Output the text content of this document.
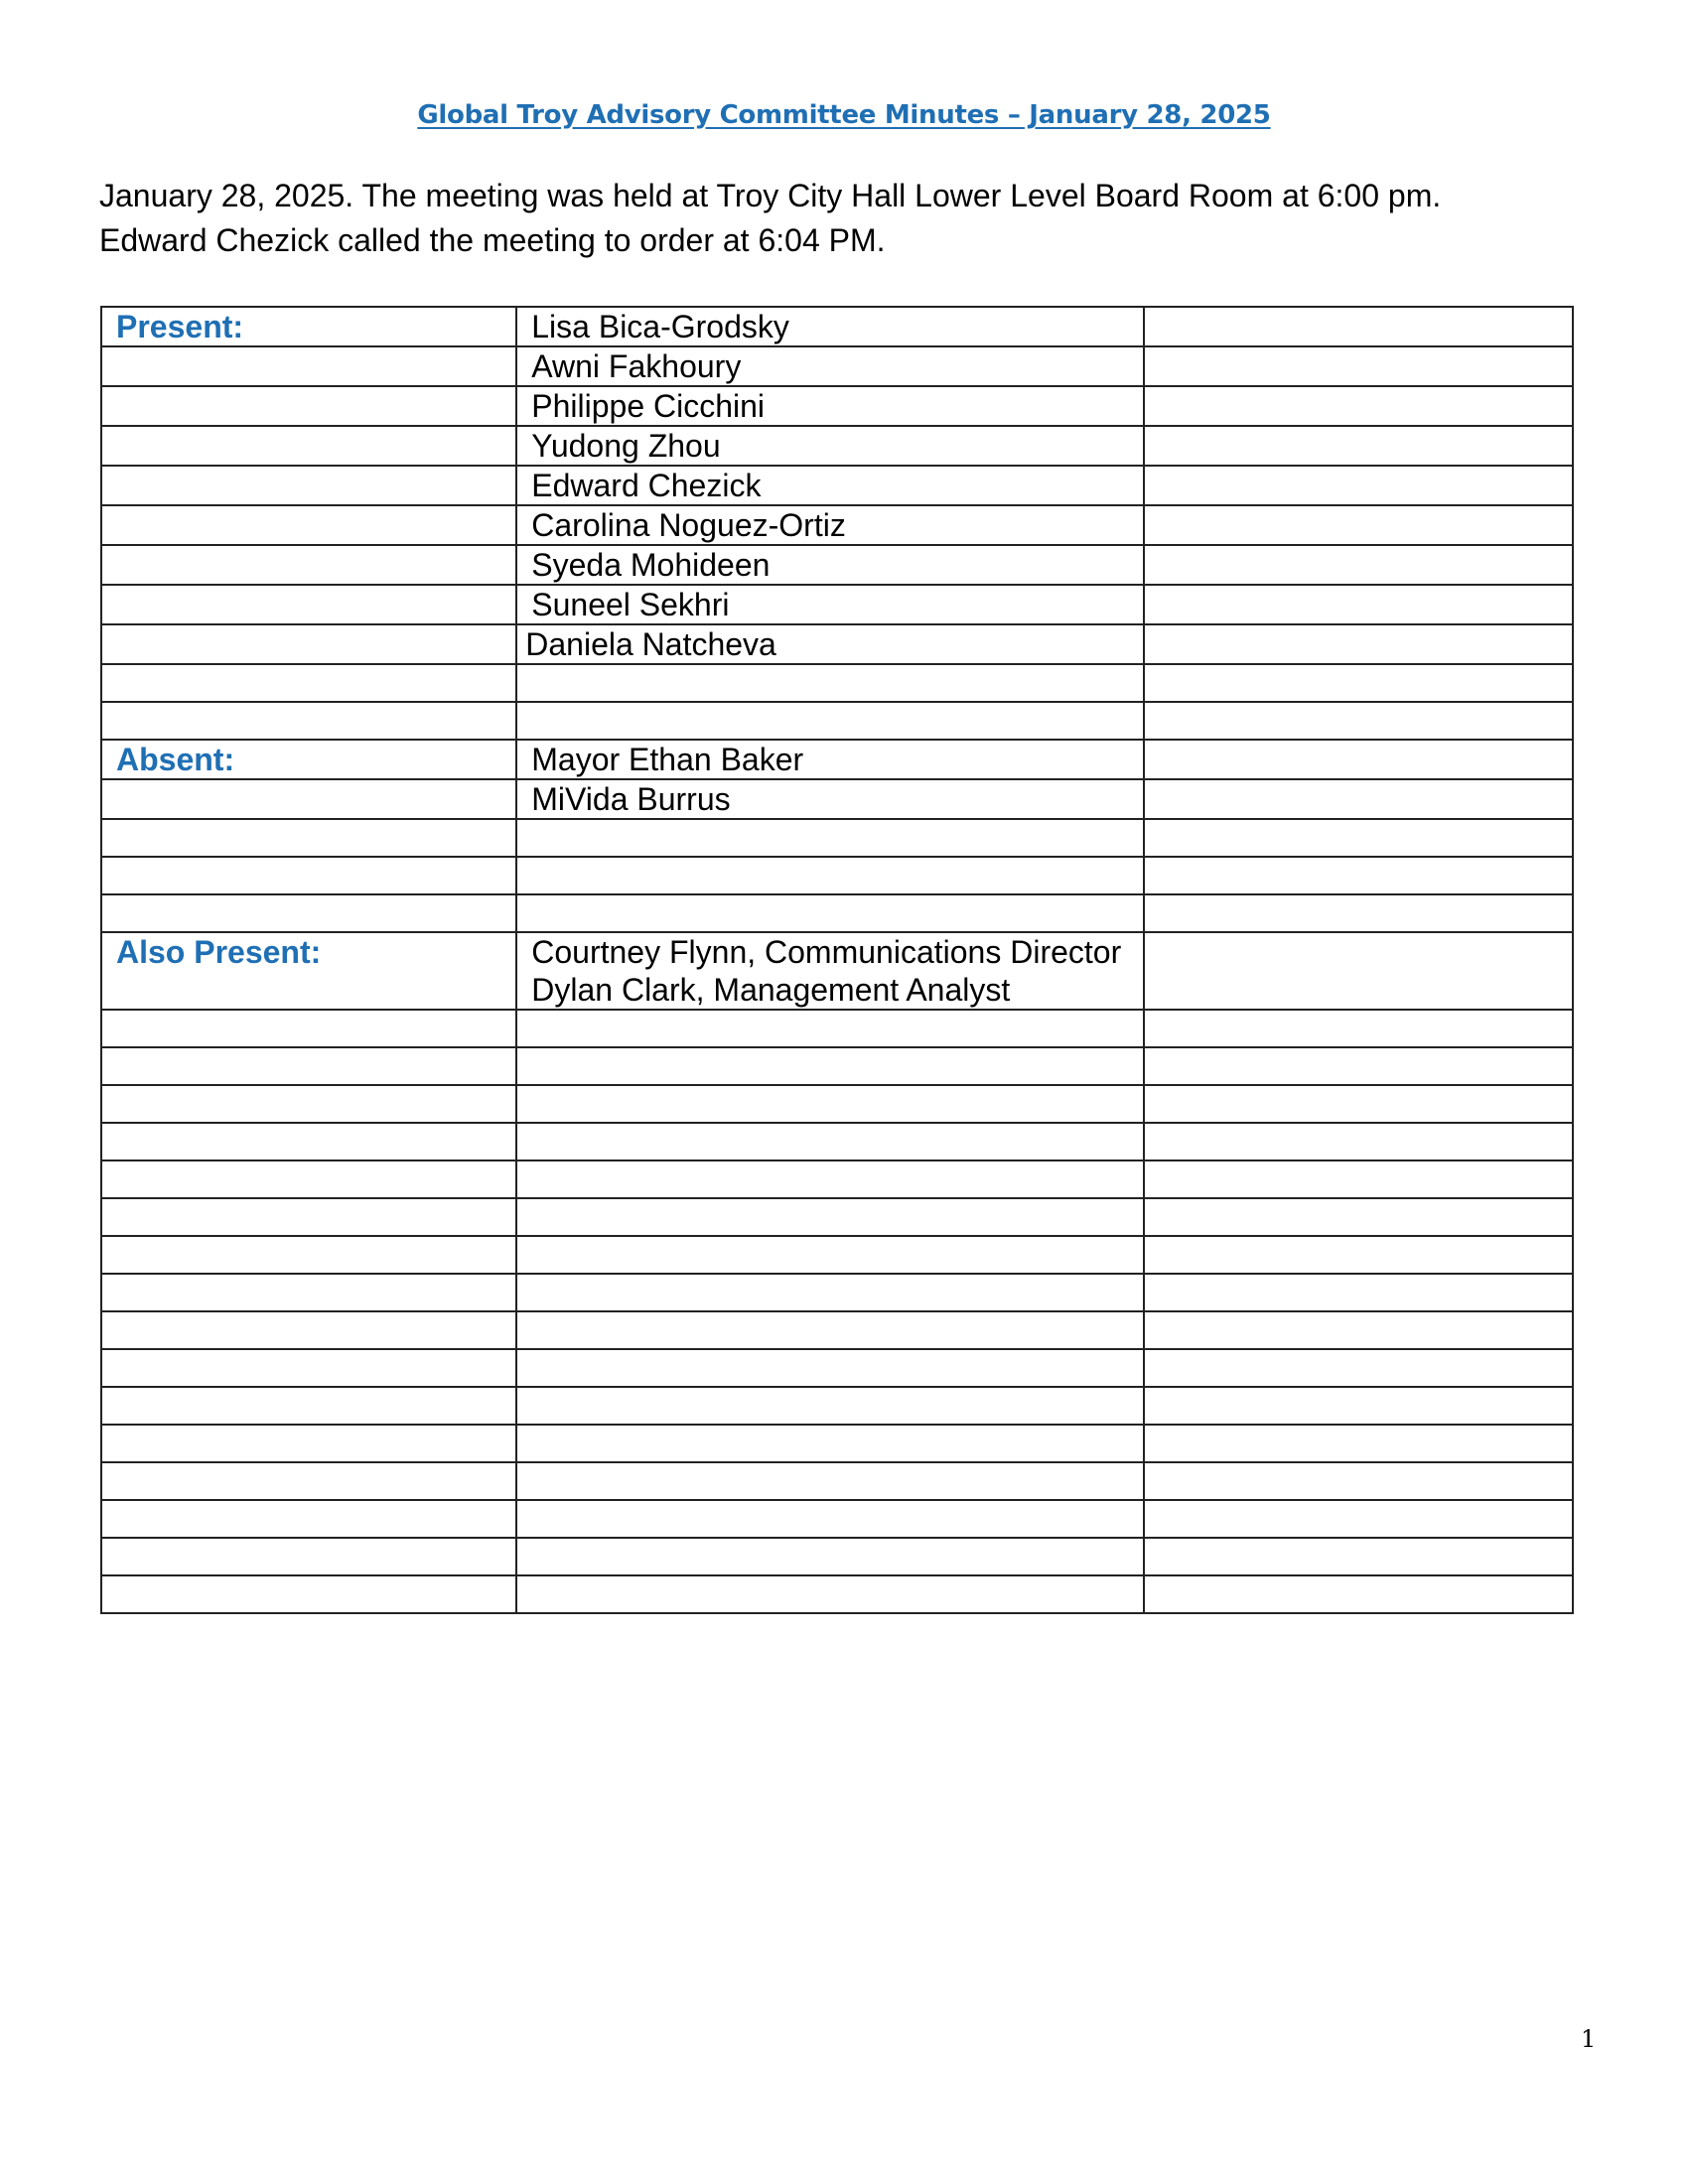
Global Troy Advisory Committee Minutes – January 28, 2025

January 28, 2025. The meeting was held at Troy City Hall Lower Level Board Room at 6:00 pm.

Edward Chezick called the meeting to order at 6:04 PM.

Present:	Lisa Bica-Grodsky	
	Awni Fakhoury	
	Philippe Cicchini	
	Yudong Zhou	
	Edward Chezick	
	Carolina Noguez-Ortiz	
	Syeda Mohideen	
	Suneel Sekhri	
	Daniela Natcheva	

Absent:	Mayor Ethan Baker	
	MiVida Burrus	

Also Present:	Courtney Flynn, Communications Director
Dylan Clark, Management Analyst	

1
